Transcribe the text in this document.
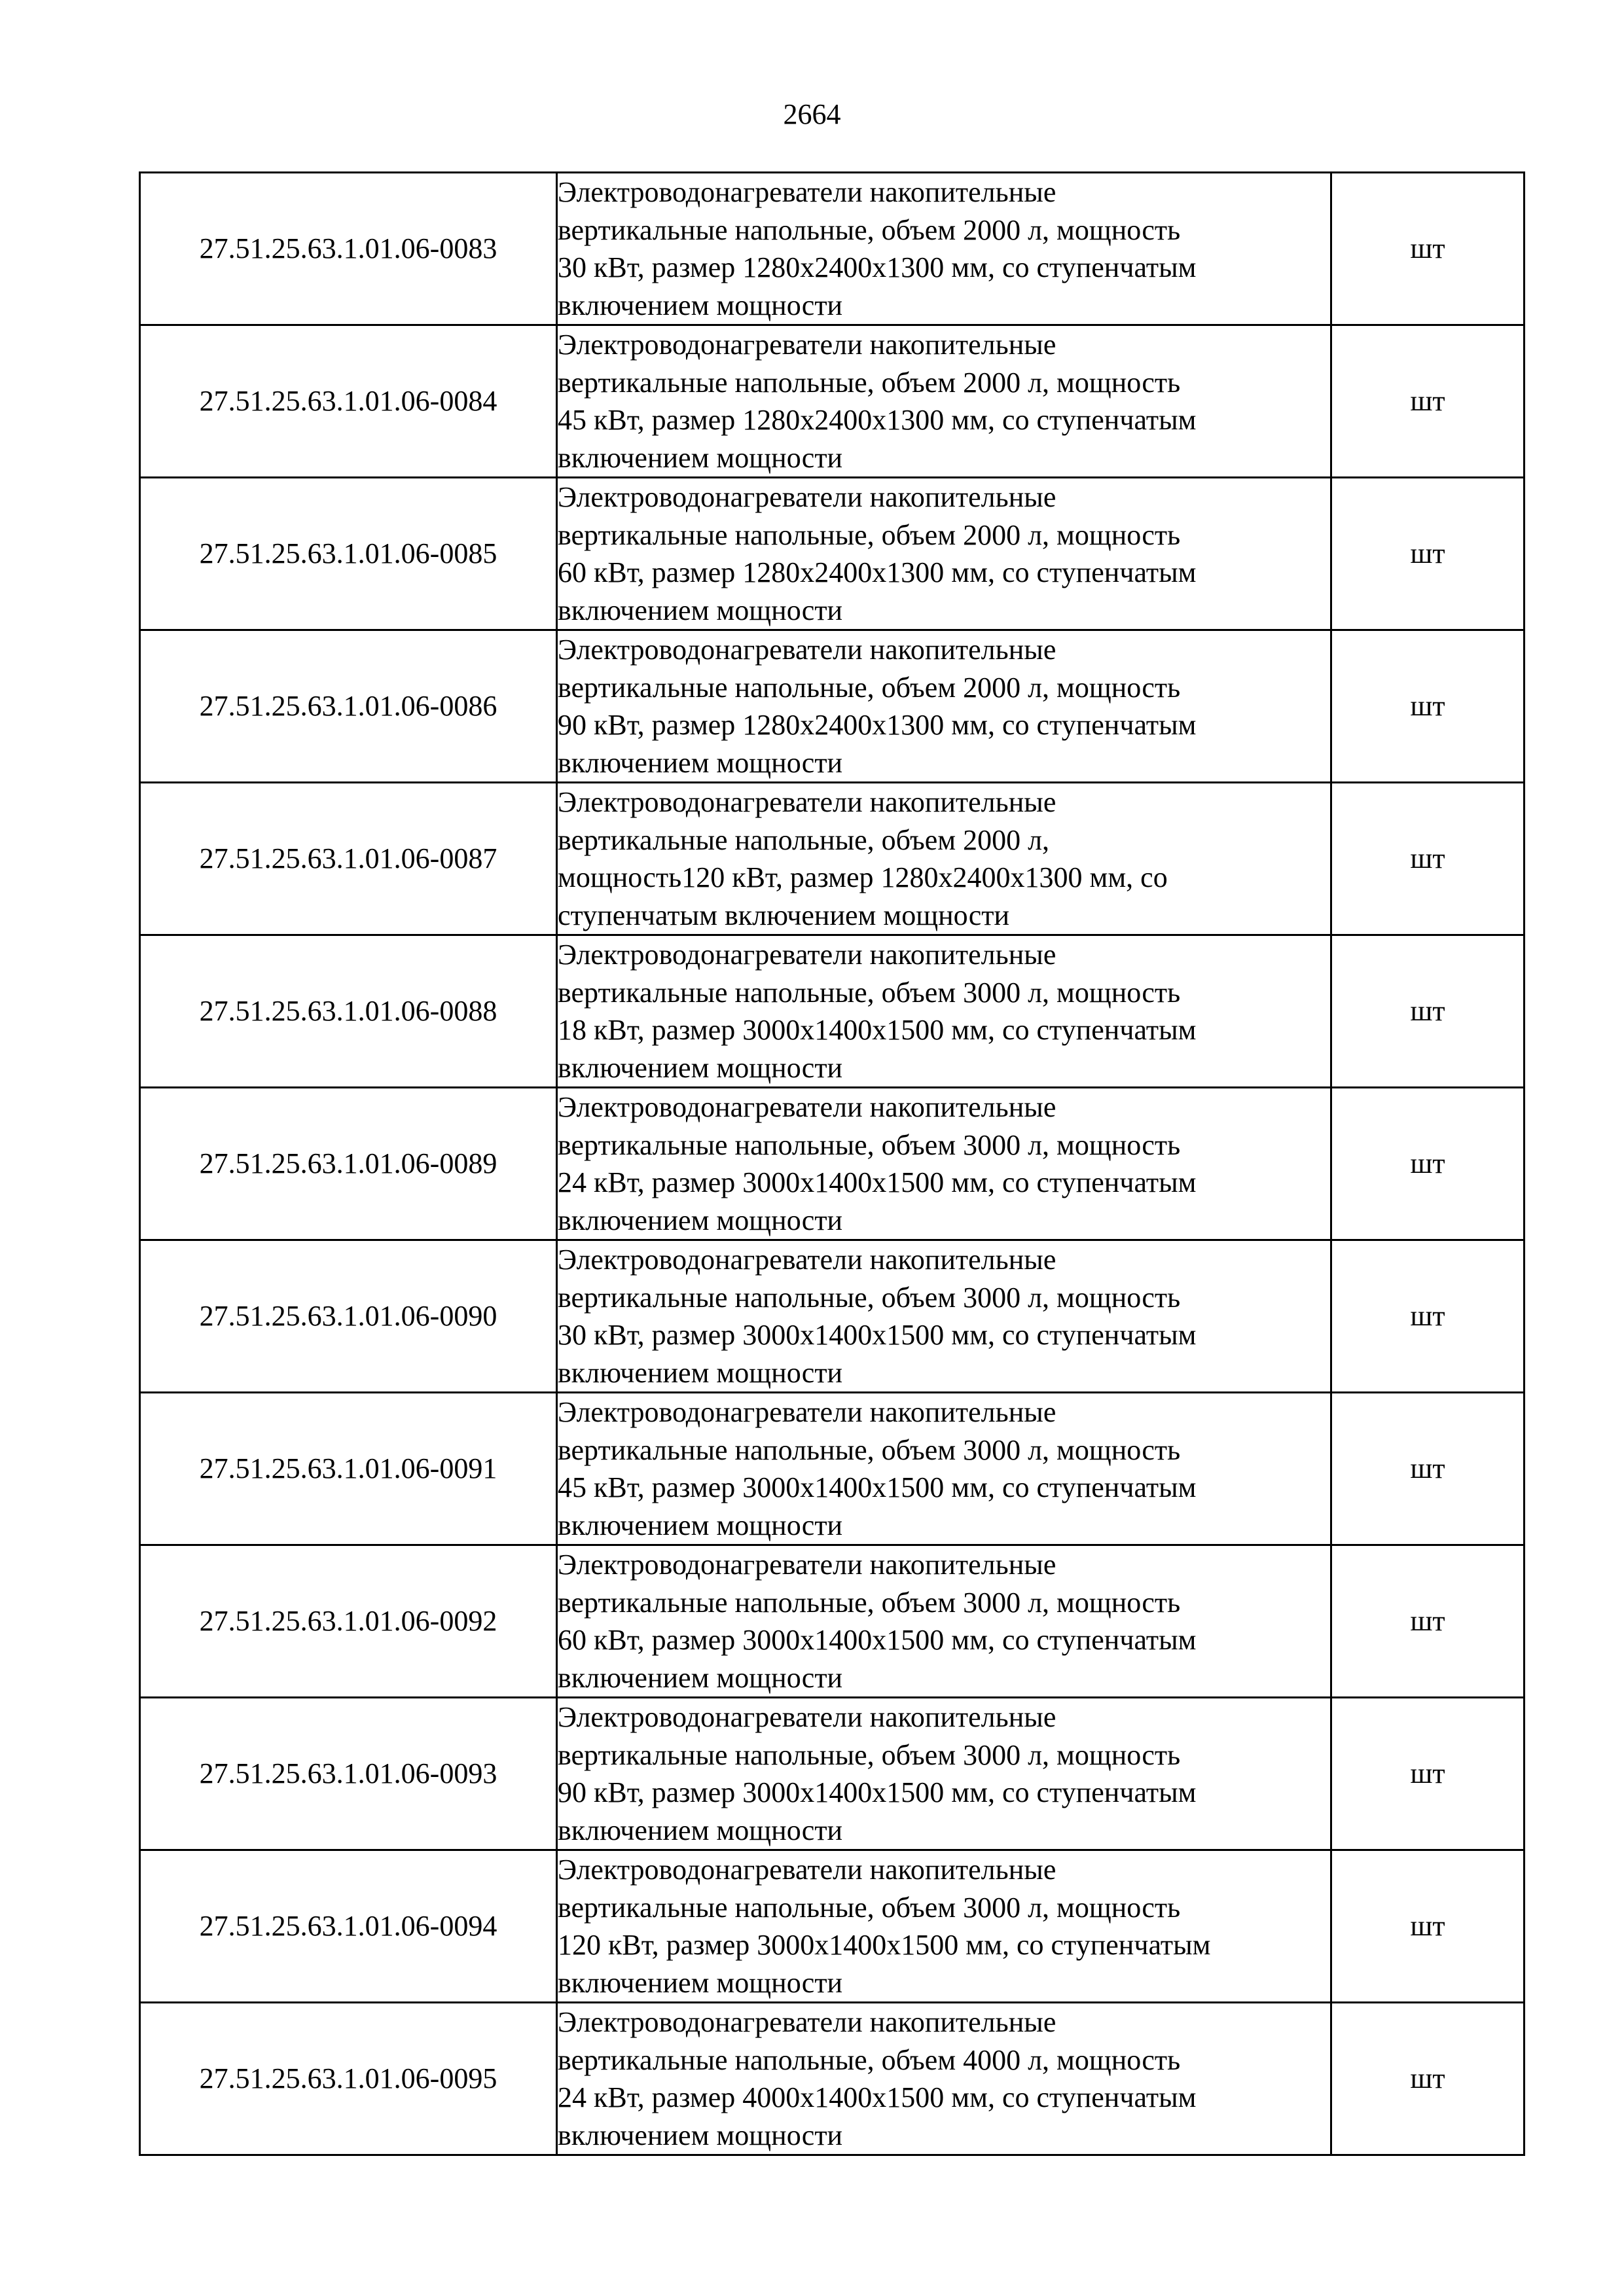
2664
27.51.25.63.1.01.06-0083	Электроводонагреватели накопительные
вертикальные напольные, объем 2000 л, мощность
30 кВт, размер 1280х2400х1300 мм, со ступенчатым
включением мощности	шт
27.51.25.63.1.01.06-0084	Электроводонагреватели накопительные
вертикальные напольные, объем 2000 л, мощность
45 кВт, размер 1280х2400х1300 мм, со ступенчатым
включением мощности	шт
27.51.25.63.1.01.06-0085	Электроводонагреватели накопительные
вертикальные напольные, объем 2000 л, мощность
60 кВт, размер 1280х2400х1300 мм, со ступенчатым
включением мощности	шт
27.51.25.63.1.01.06-0086	Электроводонагреватели накопительные
вертикальные напольные, объем 2000 л, мощность
90 кВт, размер 1280х2400х1300 мм, со ступенчатым
включением мощности	шт
27.51.25.63.1.01.06-0087	Электроводонагреватели накопительные
вертикальные напольные, объем 2000 л,
мощность120 кВт, размер 1280х2400х1300 мм, со
ступенчатым включением мощности	шт
27.51.25.63.1.01.06-0088	Электроводонагреватели накопительные
вертикальные напольные, объем 3000 л, мощность
18 кВт, размер 3000х1400х1500 мм, со ступенчатым
включением мощности	шт
27.51.25.63.1.01.06-0089	Электроводонагреватели накопительные
вертикальные напольные, объем 3000 л, мощность
24 кВт, размер 3000х1400х1500 мм, со ступенчатым
включением мощности	шт
27.51.25.63.1.01.06-0090	Электроводонагреватели накопительные
вертикальные напольные, объем 3000 л, мощность
30 кВт, размер 3000х1400х1500 мм, со ступенчатым
включением мощности	шт
27.51.25.63.1.01.06-0091	Электроводонагреватели накопительные
вертикальные напольные, объем 3000 л, мощность
45 кВт, размер 3000х1400х1500 мм, со ступенчатым
включением мощности	шт
27.51.25.63.1.01.06-0092	Электроводонагреватели накопительные
вертикальные напольные, объем 3000 л, мощность
60 кВт, размер 3000х1400х1500 мм, со ступенчатым
включением мощности	шт
27.51.25.63.1.01.06-0093	Электроводонагреватели накопительные
вертикальные напольные, объем 3000 л, мощность
90 кВт, размер 3000х1400х1500 мм, со ступенчатым
включением мощности	шт
27.51.25.63.1.01.06-0094	Электроводонагреватели накопительные
вертикальные напольные, объем 3000 л, мощность
120 кВт, размер 3000х1400х1500 мм, со ступенчатым
включением мощности	шт
27.51.25.63.1.01.06-0095	Электроводонагреватели накопительные
вертикальные напольные, объем 4000 л, мощность
24 кВт, размер 4000х1400х1500 мм, со ступенчатым
включением мощности	шт
